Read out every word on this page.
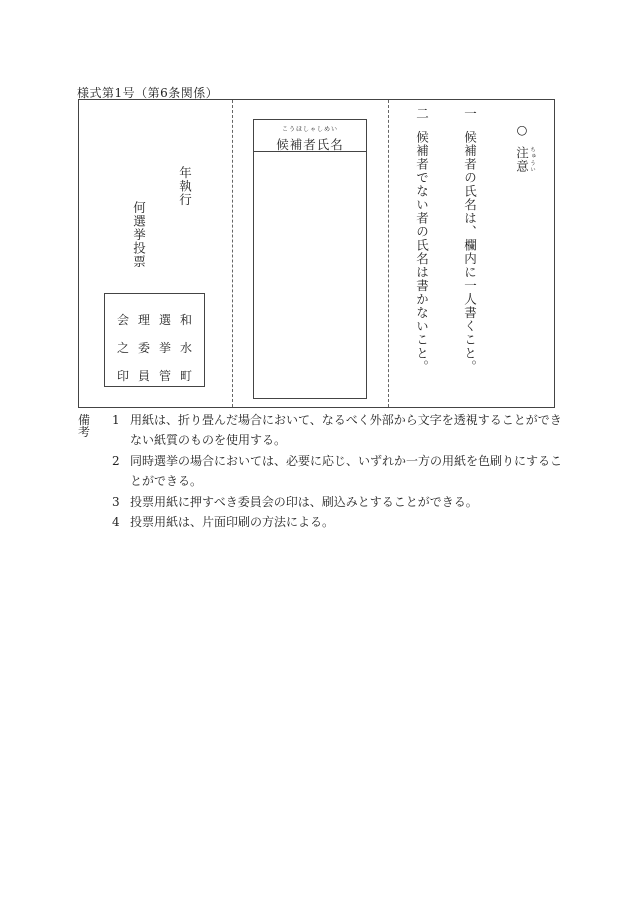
様式第1号（第6条関係）
年執行
何選挙投票
和
水
町
選
挙
管
理
委
員
会
之
印
こうほしゃしめい
候補者氏名
○注意 ちゅうい
一候補者の氏名は、欄内に一人書くこと。
二候補者でない者の氏名は書かないこと。
備考
1 用紙は、折り畳んだ場合において、なるべく外部から文字を透視することができない紙質のものを使用する。
2 同時選挙の場合においては、必要に応じ、いずれか一方の用紙を色刷りにすることができる。
3 投票用紙に押すべき委員会の印は、刷込みとすることができる。
4 投票用紙は、片面印刷の方法による。
